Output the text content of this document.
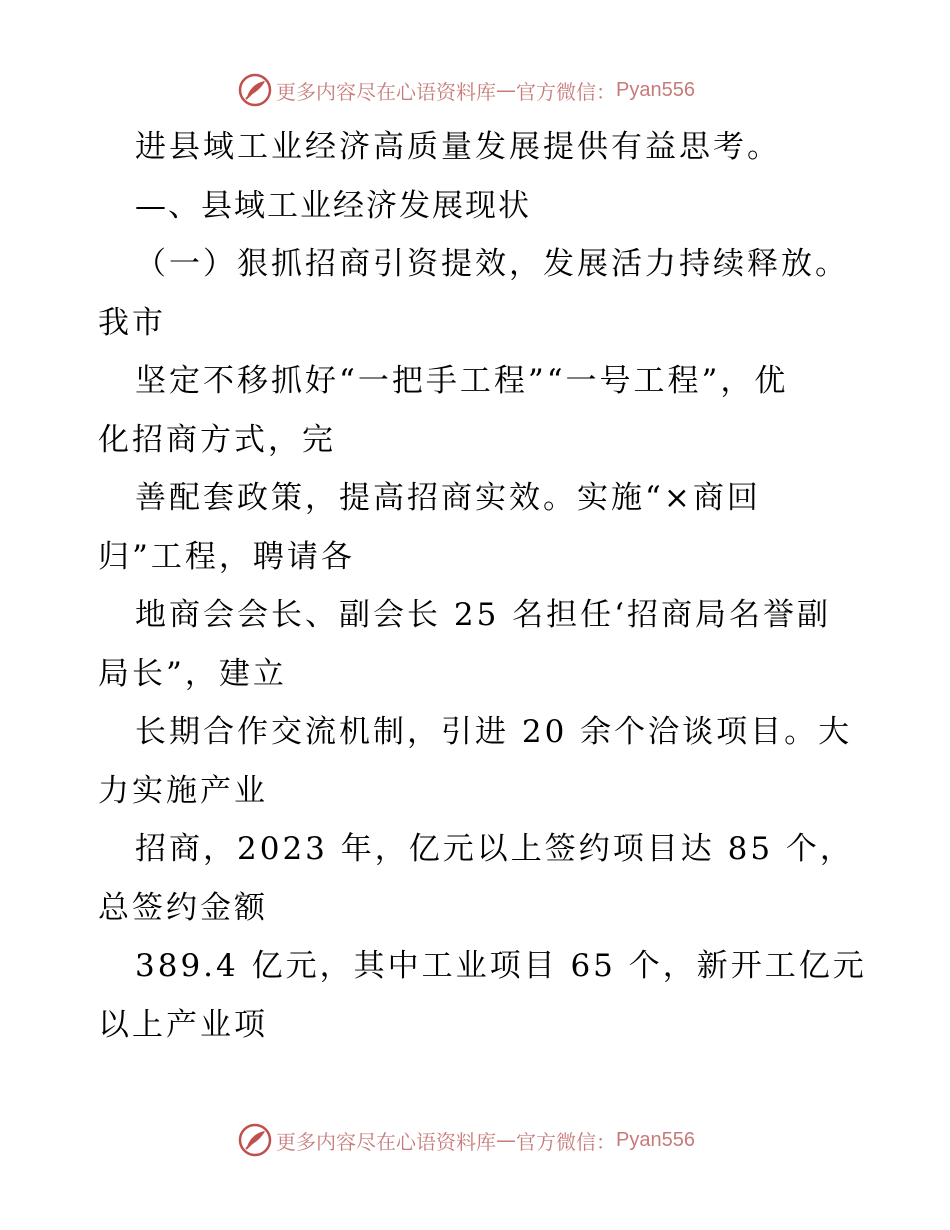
更多内容尽在心语资料库 — 官方微信： Pyan556
进县域工业经济高质量发展提供有益思考。
—、县域工业经济发展现状
（一）狠抓招商引资提效，发展活力持续释放。
我市
坚定不移抓好“一把手工程”“一号工程”，优
化招商方式，完
善配套政策，提高招商实效。实施“×商回
归”工程，聘请各
地商会会长、副会长 25 名担任‘招商局名誉副
局长”，建立
长期合作交流机制，引进 20 余个洽谈项目。大
力实施产业
招商，2023 年，亿元以上签约项目达 85 个，
总签约金额
389.4 亿元，其中工业项目 65 个，新开工亿元
以上产业项
更多内容尽在心语资料库 — 官方微信： Pyan556
